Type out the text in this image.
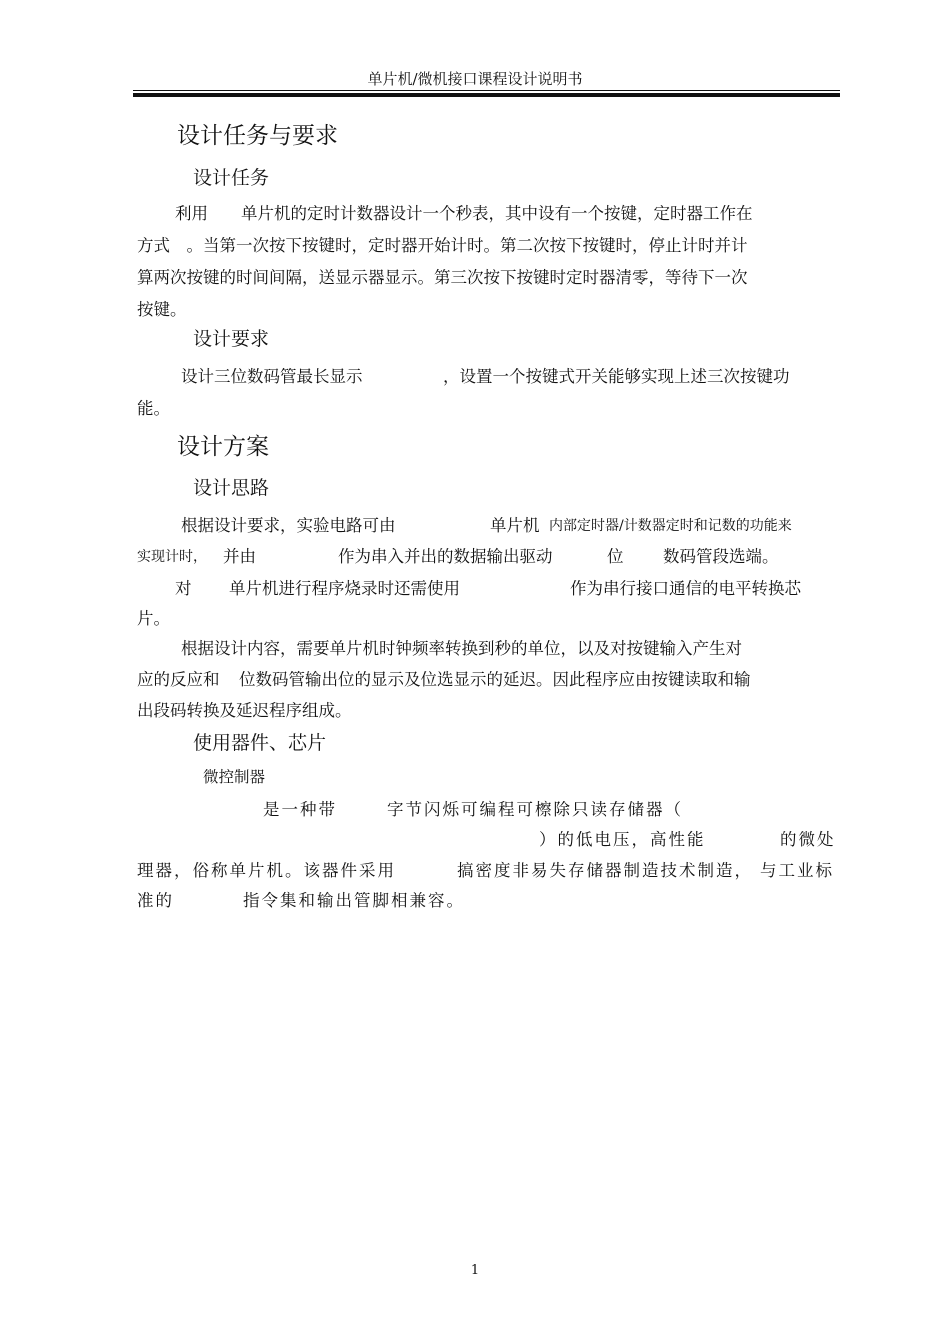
单片机/微机接口课程设计说明书
设计任务与要求
设计任务
利用　　单片机的定时计数器设计一个秒表，其中设有一个按键，定时器工作在
方式　。当第一次按下按键时，定时器开始计时。第二次按下按键时，停止计时并计
算两次按键的时间间隔，送显示器显示。第三次按下按键时定时器清零，等待下一次
按键。
设计要求
设计三位数码管最长显示	，设置一个按键式开关能够实现上述三次按键功
能。
设计方案
设计思路
根据设计要求，实验电路可由	单片机 内部定时器/计数器定时和记数的功能来
实现计时， 并由	作为串入并出的数据输出驱动	位 数码管段选端。
对 单片机进行程序烧录时还需使用	作为串行接口通信的电平转换芯
片。
根据设计内容，需要单片机时钟频率转换到秒的单位，以及对按键输入产生对
应的反应和 位数码管输出位的显示及位选显示的延迟。因此程序应由按键读取和输
出段码转换及延迟程序组成。
使用器件、芯片
微控制器
是一种带	字节闪烁可编程可檫除只读存储器（
）的低电压，高性能	的微处
理器，俗称单片机。该器件采用	搞密度非易失存储器制造技术制造， 与工业标
准的	指令集和输出管脚相兼容。
1
